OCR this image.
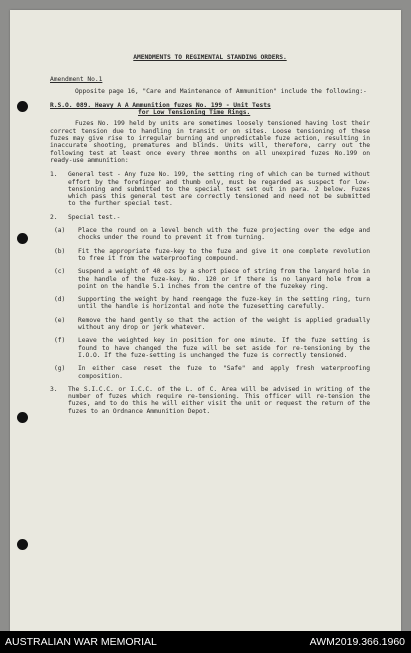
AMENDMENTS TO REGIMENTAL STANDING ORDERS.
Amendment No.1

Opposite page 16, "Care and Maintenance of Ammunition" include the following:-

R.S.O. 089. Heavy A A Ammunition fuzes No. 199 - Unit Tests
for Low Tensioning Time Rings.

Fuzes No. 199 held by units are sometimes loosely tensioned having lost their correct tension due to handling in transit or on sites. Loose tensioning of these fuzes may give rise to irregular burning and unpredictable fuze action, resulting in inaccurate shooting, prematures and blinds. Units will, therefore, carry out the following test at least once every three months on all unexpired fuzes No.199 on ready-use ammunition:

1.	General test - Any fuze No. 199, the setting ring of which can be turned without effort by the forefinger and thumb only, must be regarded as suspect for low-tensioning and submitted to the special test set out in para. 2 below. Fuzes which pass this general test are correctly tensioned and need not be submitted to the further special test.
2.	Special test.-
(a)	Place the round on a level bench with the fuze projecting over the edge and chocks under the round to prevent it from turning.
(b)	Fit the appropriate fuze-key to the fuze and give it one complete revolution to free it from the waterproofing compound.
(c)	Suspend a weight of 40 ozs by a short piece of string from the lanyard hole in the handle of the fuze-key. No. 120 or if there is no lanyard hole from a point on the handle 5.1 inches from the centre of the fuzekey ring.
(d)	Supporting the weight by hand reengage the fuze-key in the setting ring, turn until the handle is horizontal and note the fuzesetting carefully.
(e)	Remove the hand gently so that the action of the weight is applied gradually without any drop or jerk whatever.
(f)	Leave the weighted key in position for one minute. If the fuze setting is found to have changed the fuze will be set aside for re-tensioning by the I.O.O. If the fuze-setting is unchanged the fuze is correctly tensioned.
(g)	In either case reset the fuze to "Safe" and apply fresh waterproofing composition.
3.	The S.I.C.C. or I.C.C. of the L. of C. Area will be advised in writing of the number of fuzes which require re-tensioning. This officer will re-tension the fuzes, and to do this he will either visit the unit or request the return of the fuzes to an Ordnance Ammunition Depot.
AUSTRALIAN WAR MEMORIAL	AWM2019.366.1960
